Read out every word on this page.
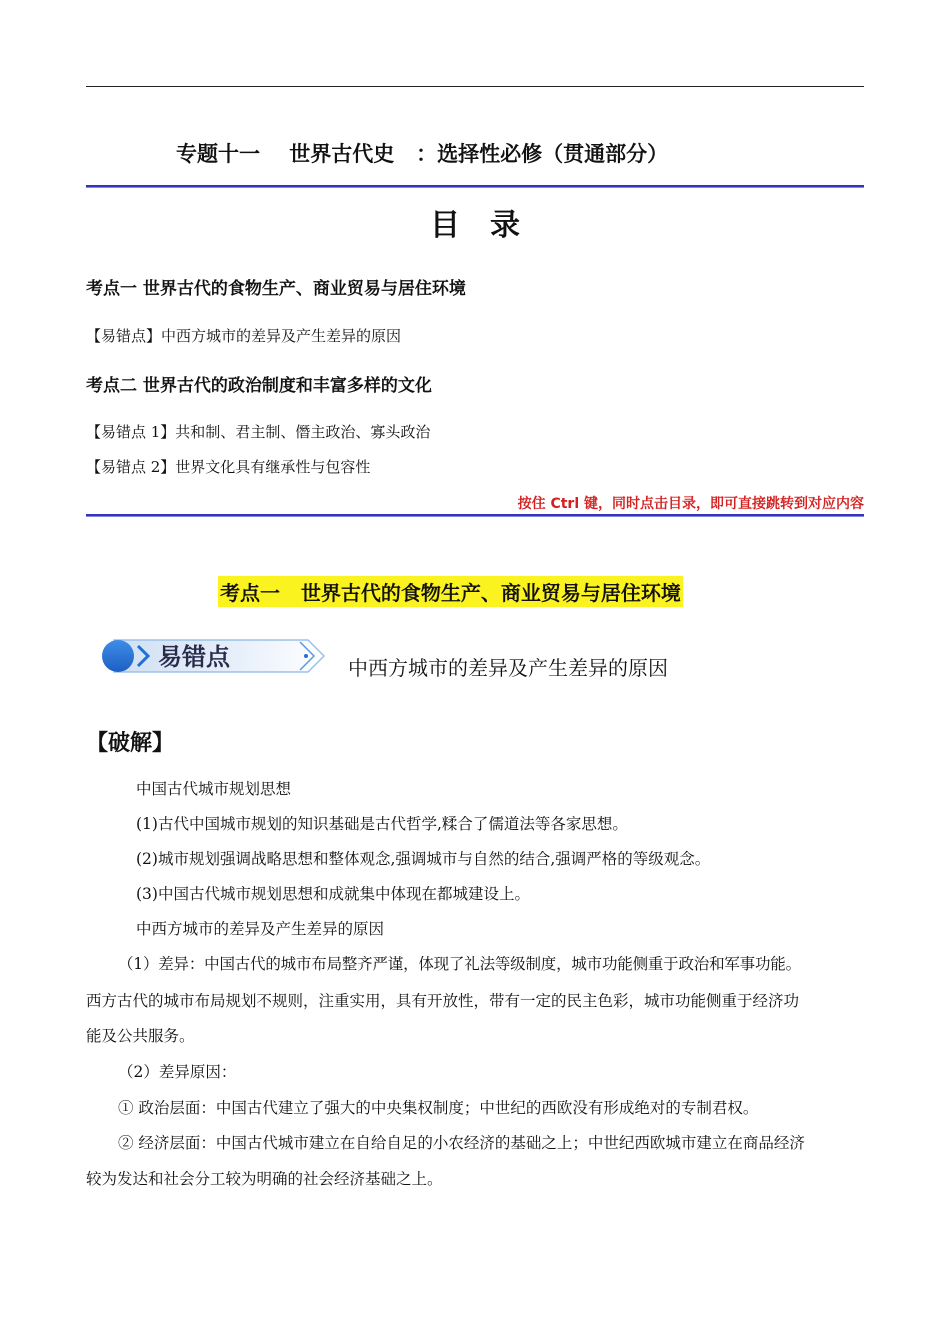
专题十一    世界古代史   ：选择性必修（贯通部分）
目录
考点一 世界古代的食物生产、商业贸易与居住环境
【易错点】中西方城市的差异及产生差异的原因
考点二 世界古代的政治制度和丰富多样的文化
【易错点 1】共和制、君主制、僭主政治、寡头政治
【易错点 2】世界文化具有继承性与包容性
按住 Ctrl 键，同时点击目录，即可直接跳转到对应内容
考点一   世界古代的食物生产、商业贸易与居住环境
易错点	中西方城市的差异及产生差异的原因
【破解】
中国古代城市规划思想
(1)古代中国城市规划的知识基础是古代哲学,糅合了儒道法等各家思想。
(2)城市规划强调战略思想和整体观念,强调城市与自然的结合,强调严格的等级观念。
(3)中国古代城市规划思想和成就集中体现在都城建设上。
中西方城市的差异及产生差异的原因
（1）差异：中国古代的城市布局整齐严谨，体现了礼法等级制度，城市功能侧重于政治和军事功能。
西方古代的城市布局规划不规则，注重实用，具有开放性，带有一定的民主色彩，城市功能侧重于经济功
能及公共服务。
（2）差异原因：
① 政治层面：中国古代建立了强大的中央集权制度；中世纪的西欧没有形成绝对的专制君权。
② 经济层面：中国古代城市建立在自给自足的小农经济的基础之上；中世纪西欧城市建立在商品经济
较为发达和社会分工较为明确的社会经济基础之上。
